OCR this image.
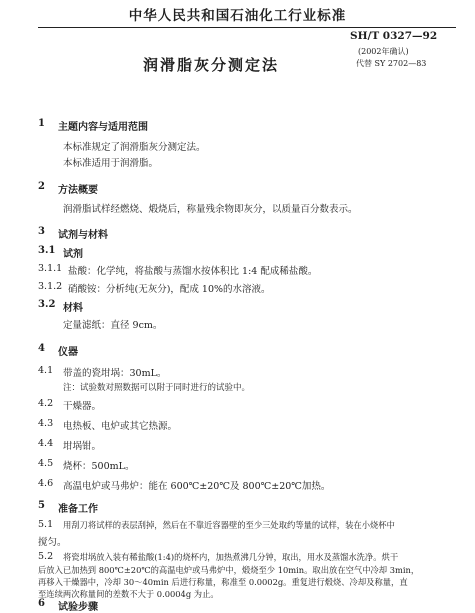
中华人民共和国石油化工行业标准
SH/T 0327—92
(2002年确认)
代替 SY 2702—83
润滑脂灰分测定法
1 主题内容与适用范围
本标准规定了润滑脂灰分测定法。
本标准适用于润滑脂。
2 方法概要
润滑脂试样经燃烧、煅烧后，称量残余物即灰分，以质量百分数表示。
3 试剂与材料
3.1 试剂
3.1.1 盐酸：化学纯，将盐酸与蒸馏水按体积比 1:4 配成稀盐酸。
3.1.2 硝酸铵：分析纯(无灰分)，配成 10%的水溶液。
3.2 材料
定量滤纸：直径 9cm。
4 仪器
4.1 带盖的瓷坩埚：30mL。
注：试验数对照数据可以附于同时进行的试验中。
4.2 干燥器。
4.3 电热板、电炉或其它热源。
4.4 坩埚钳。
4.5 烧杯：500mL。
4.6 高温电炉或马弗炉：能在 600℃±20℃及 800℃±20℃加热。
5 准备工作
5.1 用刮刀将试样的表层刮掉，然后在不靠近容器壁的至少三处取约等量的试样，装在小烧杯中
搅匀。
5.2 将瓷坩埚放入装有稀盐酸(1:4)的烧杯内，加热煮沸几分钟，取出，用水及蒸馏水洗净。烘干
后放入已加热到 800℃±20℃的高温电炉或马弗炉中，煅烧至少 10min。取出放在空气中冷却 3min，
再移入干燥器中，冷却 30～40min 后进行称量，称准至 0.0002g。重复进行煅烧、冷却及称量，直
至连续两次称量间的差数不大于 0.0004g 为止。
6 试验步骤
